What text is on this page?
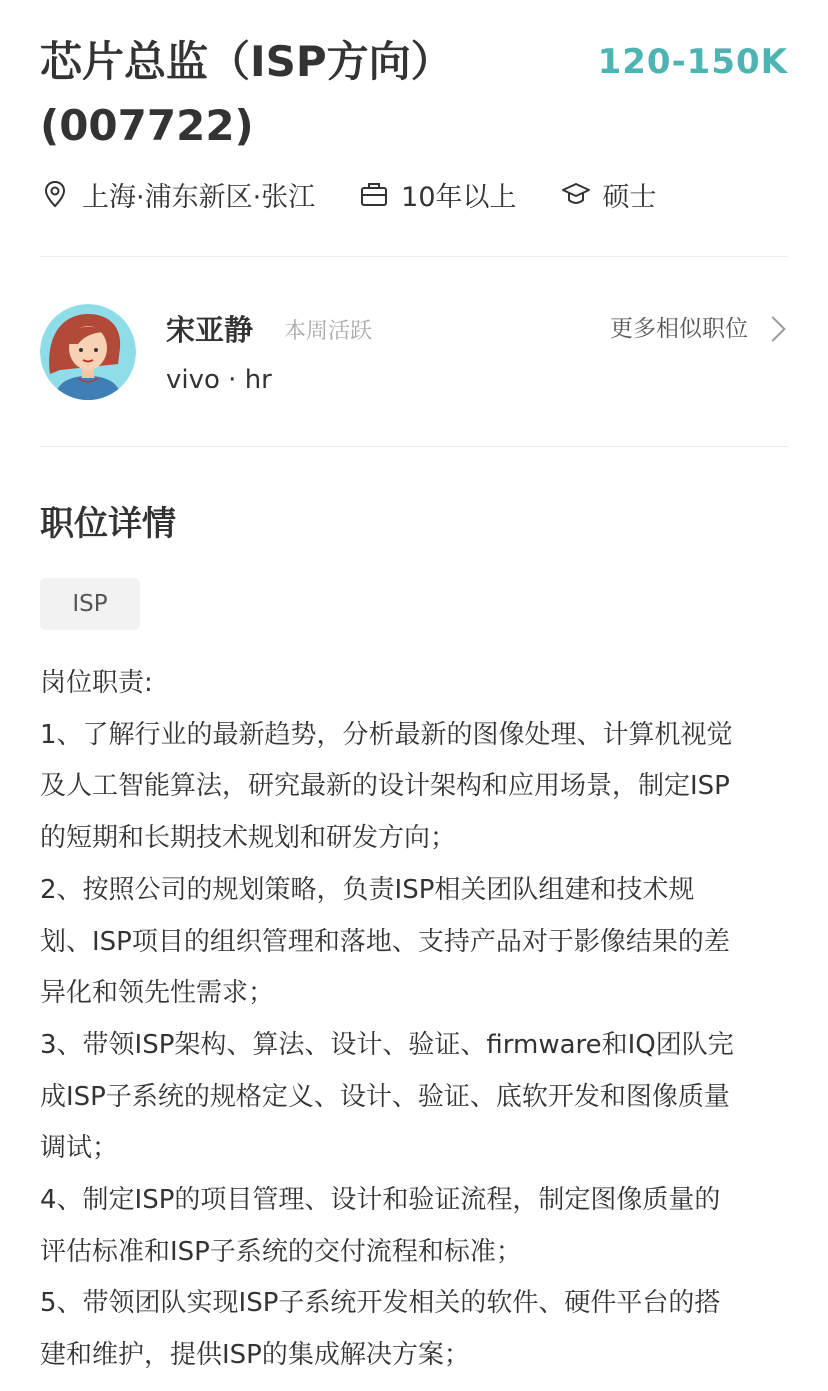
芯片总监（ISP方向）(007722)
120-150K
上海·浦东新区·张江	10年以上	硕士
宋亚静 本周活跃
vivo · hr
更多相似职位
职位详情
ISP

岗位职责:

1、了解行业的最新趋势，分析最新的图像处理、计算机视觉

及人工智能算法，研究最新的设计架构和应用场景，制定ISP

的短期和长期技术规划和研发方向；

2、按照公司的规划策略，负责ISP相关团队组建和技术规

划、ISP项目的组织管理和落地、支持产品对于影像结果的差

异化和领先性需求；

3、带领ISP架构、算法、设计、验证、firmware和IQ团队完

成ISP子系统的规格定义、设计、验证、底软开发和图像质量

调试；

4、制定ISP的项目管理、设计和验证流程，制定图像质量的

评估标准和ISP子系统的交付流程和标准；

5、带领团队实现ISP子系统开发相关的软件、硬件平台的搭

建和维护，提供ISP的集成解决方案；
